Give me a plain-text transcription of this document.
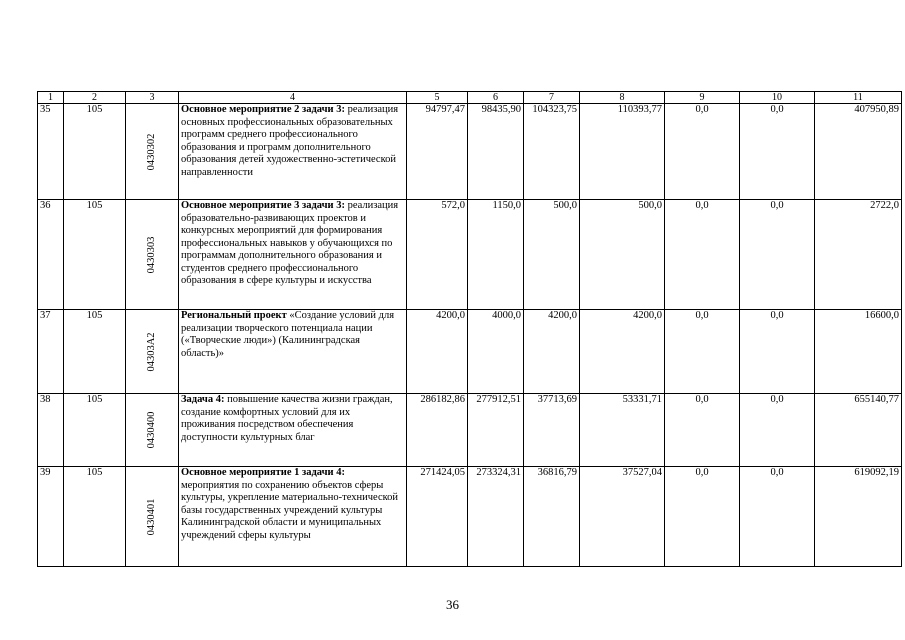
1	2	3	4	5	6	7	8	9	10	11
35	105	0430302	Основное мероприятие 2 задачи 3: реализация основных профессиональных образовательных программ среднего профессионального образования и программ дополнительного образования детей художественно-эстетической направленности	94797,47	98435,90	104323,75	110393,77	0,0	0,0	407950,89
36	105	0430303	Основное мероприятие 3 задачи 3: реализация образовательно-развивающих проектов и конкурсных мероприятий для формирования профессиональных навыков у обучающихся по программам дополнительного образования и студентов среднего профессионального образования в сфере культуры и искусства	572,0	1150,0	500,0	500,0	0,0	0,0	2722,0
37	105	04303A2	Региональный проект «Создание условий для реализации творческого потенциала нации («Творческие люди») (Калининградская область)»	4200,0	4000,0	4200,0	4200,0	0,0	0,0	16600,0
38	105	0430400	Задача 4: повышение качества жизни граждан, создание комфортных условий для их проживания посредством обеспечения доступности культурных благ	286182,86	277912,51	37713,69	53331,71	0,0	0,0	655140,77
39	105	0430401	Основное мероприятие 1 задачи 4: мероприятия по сохранению объектов сферы культуры, укрепление материально-технической базы государственных учреждений культуры Калининградской области и муниципальных учреждений сферы культуры	271424,05	273324,31	36816,79	37527,04	0,0	0,0	619092,19
36
